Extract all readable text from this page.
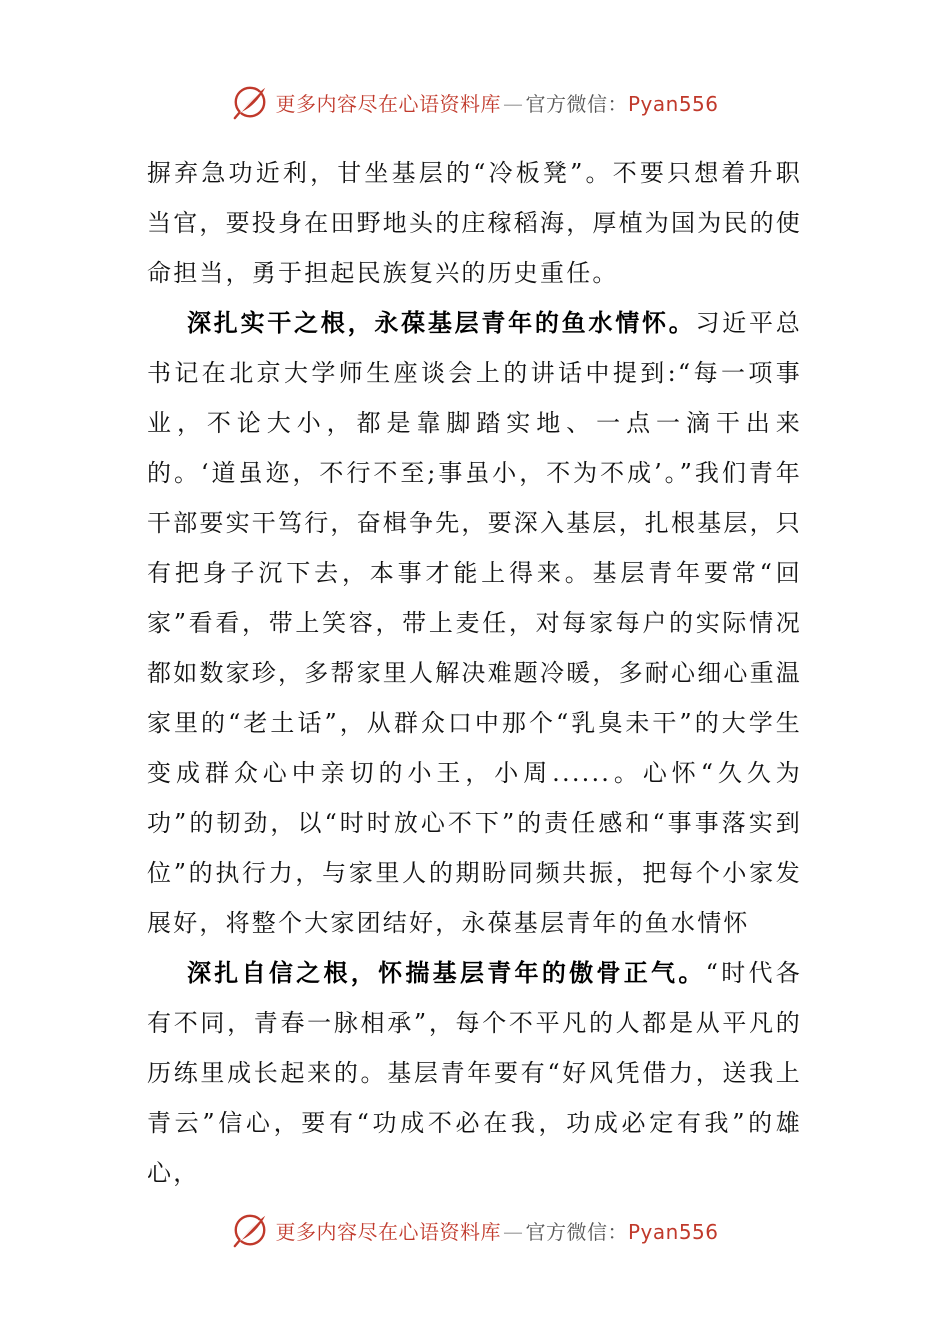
更多内容尽在心语资料库 — 官方微信：Pyan556

摒弃急功近利，甘坐基层的“冷板凳”。不要只想着升职当官，要投身在田野地头的庄稼稻海，厚植为国为民的使命担当，勇于担起民族复兴的历史重任。

深扎实干之根，永葆基层青年的鱼水情怀。习近平总书记在北京大学师生座谈会上的讲话中提到:“每一项事业，不论大小，都是靠脚踏实地、一点一滴干出来的。‘道虽迩，不行不至;事虽小，不为不成’。”我们青年干部要实干笃行，奋楫争先，要深入基层，扎根基层，只有把身子沉下去，本事才能上得来。基层青年要常“回家”看看，带上笑容，带上麦任，对每家每户的实际情况都如数家珍，多帮家里人解决难题冷暖，多耐心细心重温家里的“老土话”，从群众口中那个“乳臭未干”的大学生变成群众心中亲切的小王，小周......。心怀“久久为功”的韧劲，以“时时放心不下”的责任感和“事事落实到位”的执行力，与家里人的期盼同频共振，把每个小家发展好，将整个大家团结好，永葆基层青年的鱼水情怀

深扎自信之根，怀揣基层青年的傲骨正气。“时代各有不同，青春一脉相承”，每个不平凡的人都是从平凡的历练里成长起来的。基层青年要有“好风凭借力，送我上青云”信心，要有“功成不必在我，功成必定有我”的雄心，

更多内容尽在心语资料库 — 官方微信：Pyan556
